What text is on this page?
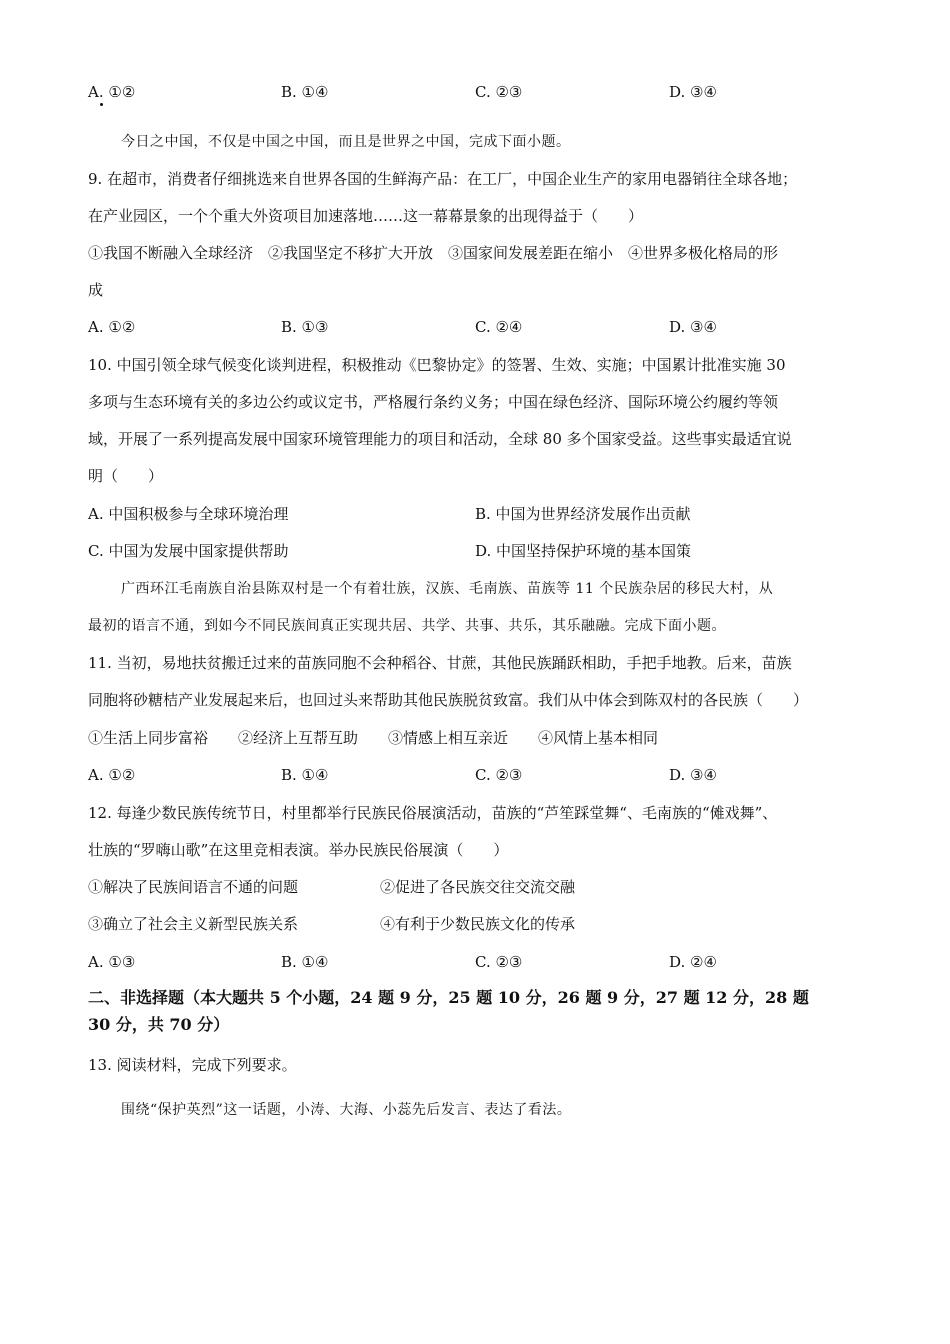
A. ①②	B. ①④	C. ②③	D. ③④
今日之中国，不仅是中国之中国，而且是世界之中国，完成下面小题。
9. 在超市，消费者仔细挑选来自世界各国的生鲜海产品：在工厂，中国企业生产的家用电器销往全球各地；
在产业园区，一个个重大外资项目加速落地……这一幕幕景象的出现得益于（　　）
①我国不断融入全球经济　②我国坚定不移扩大开放　③国家间发展差距在缩小　④世界多极化格局的形
成
A. ①②	B. ①③	C. ②④	D. ③④
10. 中国引领全球气候变化谈判进程，积极推动《巴黎协定》的签署、生效、实施；中国累计批准实施 30
多项与生态环境有关的多边公约或议定书，严格履行条约义务；中国在绿色经济、国际环境公约履约等领
域，开展了一系列提高发展中国家环境管理能力的项目和活动，全球 80 多个国家受益。这些事实最适宜说
明（　　）
A. 中国积极参与全球环境治理	B. 中国为世界经济发展作出贡献
C. 中国为发展中国家提供帮助	D. 中国坚持保护环境的基本国策
广西环江毛南族自治县陈双村是一个有着壮族，汉族、毛南族、苗族等 11 个民族杂居的移民大村，从
最初的语言不通，到如今不同民族间真正实现共居、共学、共事、共乐，其乐融融。完成下面小题。
11. 当初，易地扶贫搬迁过来的苗族同胞不会种稻谷、甘蔗，其他民族踊跃相助，手把手地教。后来，苗族
同胞将砂糖桔产业发展起来后，也回过头来帮助其他民族脱贫致富。我们从中体会到陈双村的各民族（　　）
①生活上同步富裕　　②经济上互帮互助　　③情感上相互亲近　　④风情上基本相同
A. ①②	B. ①④	C. ②③	D. ③④
12. 每逢少数民族传统节日，村里都举行民族民俗展演活动，苗族的“芦笙踩堂舞“、毛南族的“傩戏舞”、
壮族的“罗嗨山歌”在这里竞相表演。举办民族民俗展演（　　）
①解决了民族间语言不通的问题	②促进了各民族交往交流交融
③确立了社会主义新型民族关系	④有利于少数民族文化的传承
A. ①③	B. ①④	C. ②③	D. ②④
二、非选择题（本大题共 5 个小题，24 题 9 分，25 题 10 分，26 题 9 分，27 题 12 分，28 题
30 分，共 70 分）
13. 阅读材料，完成下列要求。
围绕“保护英烈”这一话题，小涛、大海、小蕊先后发言、表达了看法。
